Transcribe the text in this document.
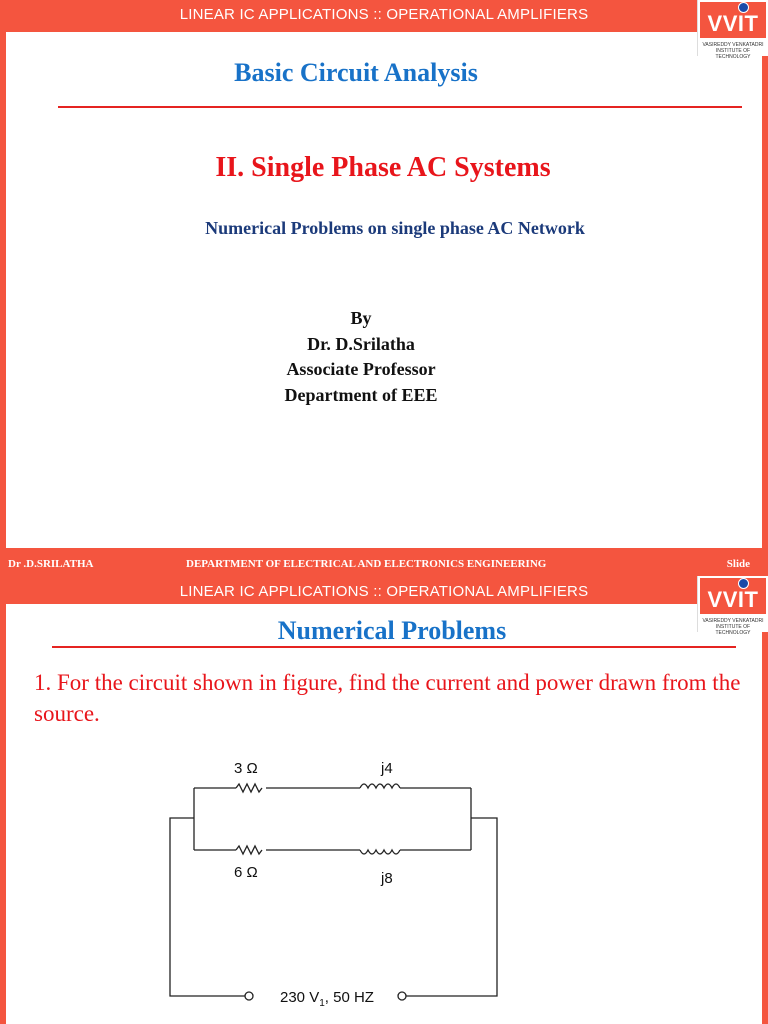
LINEAR IC APPLICATIONS :: OPERATIONAL AMPLIFIERS	VVIT
VASIREDDY VENKATADRI
INSTITUTE OF TECHNOLOGY
Basic Circuit Analysis
II. Single Phase AC Systems
Numerical Problems on single phase AC Network
By
Dr. D.Srilatha
Associate Professor
Department of EEE
Dr .D.SRILATHA	DEPARTMENT OF ELECTRICAL AND ELECTRONICS ENGINEERING	Slide
LINEAR IC APPLICATIONS :: OPERATIONAL AMPLIFIERS	VVIT
VASIREDDY VENKATADRI
INSTITUTE OF TECHNOLOGY
Numerical Problems
1. For the circuit shown in figure, find the current and power drawn from the source.
3 Ω	j4
6 Ω	j8
230 $V_1$, 50 HZ
